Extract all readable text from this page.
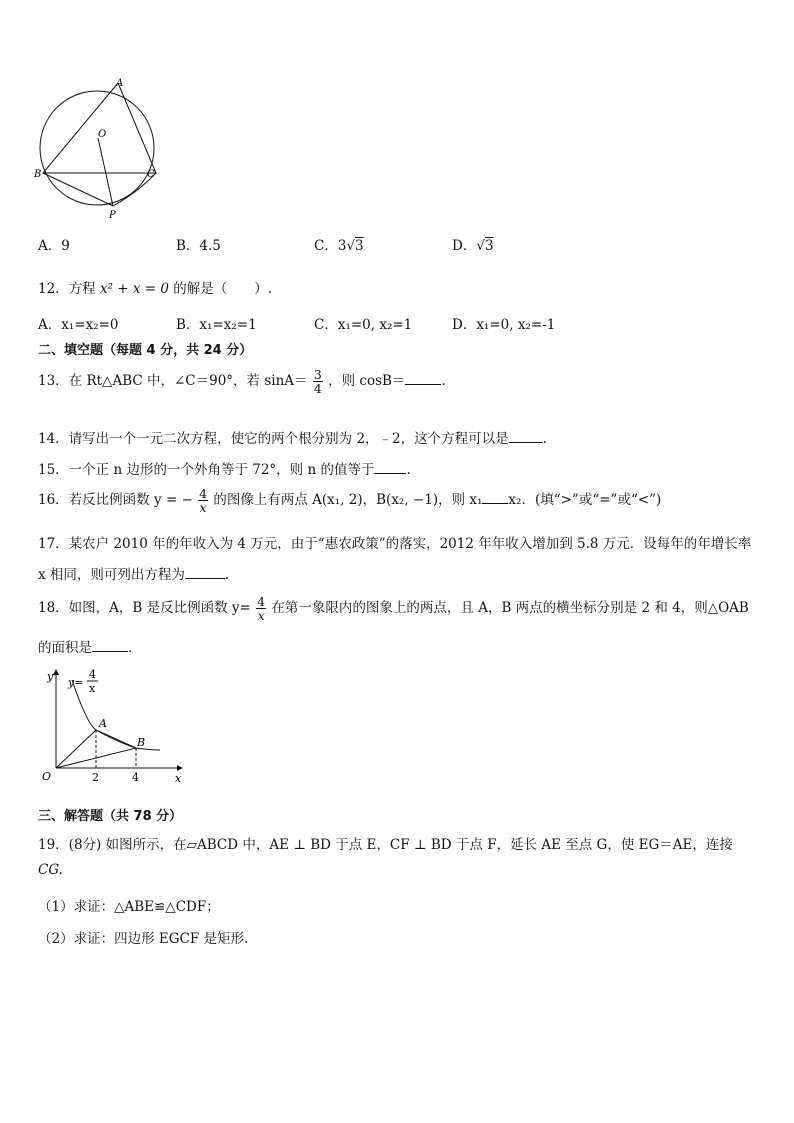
A
O
B	C
P
A．9	B．4.5	C．3√3	D．√3
12．方程 x² + x = 0 的解是（　　）.
A．x₁=x₂=0	B．x₁=x₂=1	C．x₁=0, x₂=1	D．x₁=0, x₂=-1
二、填空题（每题 4 分，共 24 分）
13．在 Rt△ABC 中，∠C＝90°，若 $\sin A= \frac{3}{4}$ ，则 cosB＝	.
14．请写出一个一元二次方程，使它的两个根分别为 2，﹣2，这个方程可以是	.
15．一个正 n 边形的一个外角等于 72°，则 n 的值等于 .
16．若反比例函数 y = − $\frac{4}{x}$ 的图像上有两点 A(x₁, 2)，B(x₂, −1)，则 x₁ x₂．(填“>”或“=”或“<”)
17．某农户 2010 年的年收入为 4 万元，由于“惠农政策”的落实，2012 年年收入增加到 5.8 万元．设每年的年增长率
x 相同，则可列出方程为	.
18．如图，A，B 是反比例函数 $y= \frac{4}{x}$ 在第一象限内的图象上的两点，且 A，B 两点的横坐标分别是 2 和 4，则△OAB
的面积是	.
y
x
O
y=
4
x
A
B
2	4
三、解答题（共 78 分）
19．(8分) 如图所示，在▱ABCD 中，AE ⊥ BD 于点 E，CF ⊥ BD 于点 F，延长 AE 至点 G，使 EG＝AE，连接
CG.
（1）求证：△ABE≌△CDF；
（2）求证：四边形 EGCF 是矩形.
